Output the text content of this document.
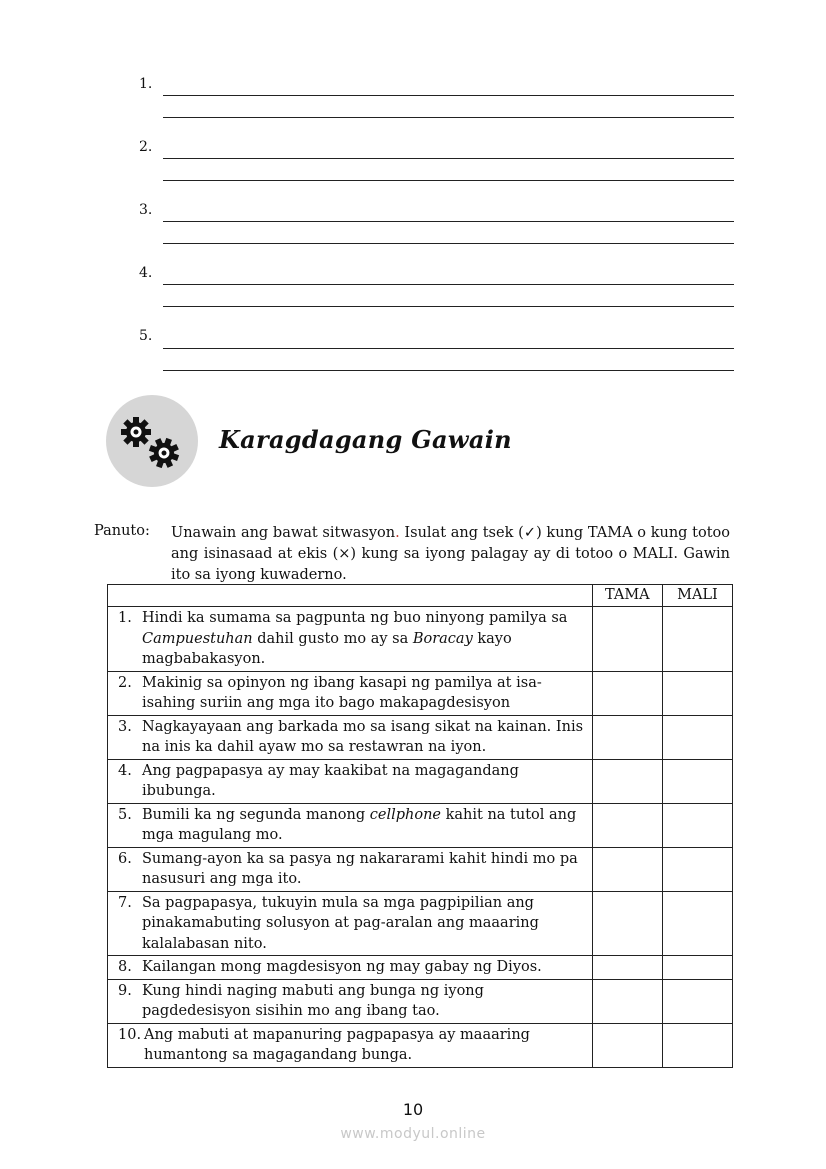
1.
2.
3.
4.
5.
Karagdagang Gawain
Panuto: Unawain ang bawat sitwasyon. Isulat ang tsek (✓) kung TAMA o kung totoo ang isinasaad at ekis (×) kung sa iyong palagay ay di totoo o MALI. Gawin ito sa iyong kuwaderno.
	TAMA	MALI

1. Hindi ka sumama sa pagpunta ng buo ninyong pamilya sa Campuestuhan dahil gusto mo ay sa Boracay kayo magbabakasyon.		

2. Makinig sa opinyon ng ibang kasapi ng pamilya at isa-isahing suriin ang mga ito bago makapagdesisyon		

3. Nagkayayaan ang barkada mo sa isang sikat na kainan. Inis na inis ka dahil ayaw mo sa restawran na iyon.		

4. Ang pagpapasya ay may kaakibat na magagandang ibubunga.		

5. Bumili ka ng segunda manong cellphone kahit na tutol ang mga magulang mo.		

6. Sumang-ayon ka sa pasya ng nakararami kahit hindi mo pa nasusuri ang mga ito.		

7. Sa pagpapasya, tukuyin mula sa mga pagpipilian ang pinakamabuting solusyon at pag-aralan ang maaaring kalalabasan nito.		

8. Kailangan mong magdesisyon ng may gabay ng Diyos.		

9. Kung hindi naging mabuti ang bunga ng iyong pagdedesisyon sisihin mo ang ibang tao.		

10. Ang mabuti at mapanuring pagpapasya ay maaaring humantong sa magagandang bunga.		

10
www.modyul.online
